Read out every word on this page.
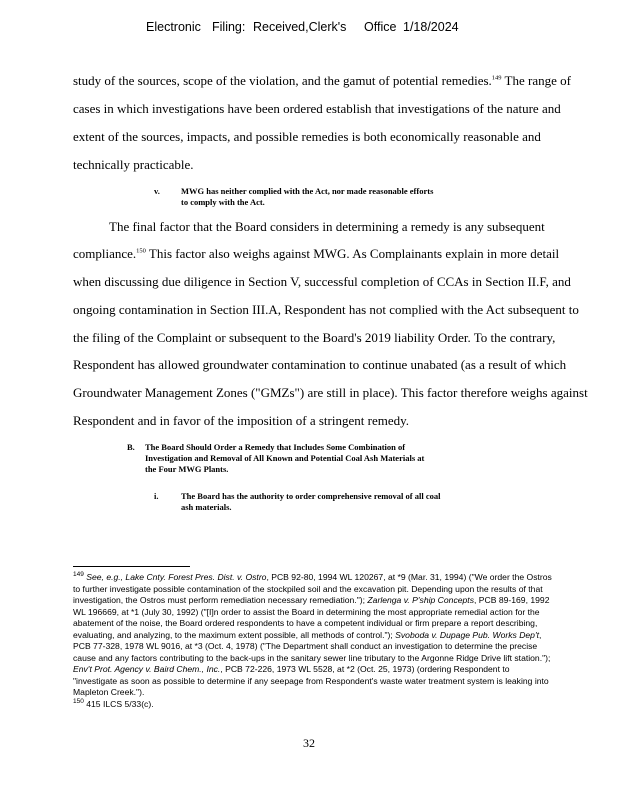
Electronic Filing: Received,Clerk's Office 1/18/2024
study of the sources, scope of the violation, and the gamut of potential remedies.$^{149}$ The range of
cases in which investigations have been ordered establish that investigations of the nature and
extent of the sources, impacts, and possible remedies is both economically reasonable and
technically practicable.
v. MWG has neither complied with the Act, nor made reasonable efforts
to comply with the Act.
The final factor that the Board considers in determining a remedy is any subsequent
compliance.$^{150}$ This factor also weighs against MWG. As Complainants explain in more detail
when discussing due diligence in Section V, successful completion of CCAs in Section II.F, and
ongoing contamination in Section III.A, Respondent has not complied with the Act subsequent to
the filing of the Complaint or subsequent to the Board's 2019 liability Order. To the contrary,
Respondent has allowed groundwater contamination to continue unabated (as a result of which
Groundwater Management Zones ("GMZs") are still in place). This factor therefore weighs against
Respondent and in favor of the imposition of a stringent remedy.
B. The Board Should Order a Remedy that Includes Some Combination of
Investigation and Removal of All Known and Potential Coal Ash Materials at
the Four MWG Plants.
i.	The Board has the authority to order comprehensive removal of all coal
ash materials.

$^{149}$ See, e.g., Lake Cnty. Forest Pres. Dist. v. Ostro, PCB 92-80, 1994 WL 120267, at *9 (Mar. 31, 1994) ("We order the Ostros to further investigate possible contamination of the stockpiled soil and the excavation pit. Depending upon the results of that investigation, the Ostros must perform remediation necessary remediation."); Zarlenga v. P'ship Concepts, PCB 89-169, 1992 WL 196669, at *1 (July 30, 1992) ("[I]n order to assist the Board in determining the most appropriate remedial action for the abatement of the noise, the Board ordered respondents to have a competent individual or firm prepare a report describing, evaluating, and analyzing, to the maximum extent possible, all methods of control."); Svoboda v. Dupage Pub. Works Dep't, PCB 77-328, 1978 WL 9016, at *3 (Oct. 4, 1978) ("The Department shall conduct an investigation to determine the precise cause and any factors contributing to the back-ups in the sanitary sewer line tributary to the Argonne Ridge Drive lift station."); Env't Prot. Agency v. Baird Chem., Inc., PCB 72-226, 1973 WL 5528, at *2 (Oct. 25, 1973) (ordering Respondent to "investigate as soon as possible to determine if any seepage from Respondent's waste water treatment system is leaking into Mapleton Creek.").

$^{150}$ 415 ILCS 5/33(c).

32
